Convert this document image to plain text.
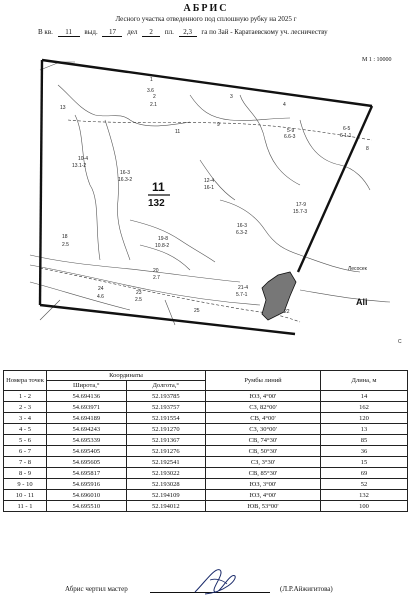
АБРИС
Лесного участка отведенного под сплошную рубку на 2025 г
В кв. 11 выд. 17 дел 2 пл. 2,3 га по Зай - Каратаевскому уч. лесничеству
М 1 : 10000
1
3.6
2
2.1
3
4
9
13
11	5-9
6.6-3
6-5
6 1-1
8
10-4
13.1-2
16-3
16.3-2	12-4
16-1
17-9
15.7-3
18
2.5
19-8
10.8-2
16-3
6.3-2
20
2.7
21-4
5.7-1
24
4.6
23
2.5
25	22
Лесосек
Ali
C
11
132
Номера точек	Координаты		Румбы линий	Длина, м
	Широта,°	Долгота,°		
1 - 2	54.694136	52.193785	ЮЗ, 4°00'	14
2 - 3	54.693971	52.193757	СЗ, 82°00'	162
3 - 4	54.694189	52.191554	СВ, 4°00'	120
4 - 5	54.694243	52.191270	СЗ, 30°00'	13
5 - 6	54.695339	52.191367	СВ, 74°30'	85
6 - 7	54.695405	52.191276	СВ, 50°30'	36
7 - 8	54.695605	52.192541	СЗ, 3°30'	15
8 - 9	54.695817	52.193022	СВ, 85°30'	69
9 - 10	54.695916	52.193028	ЮЗ, 3°00'	52
10 - 11	54.696010	52.194109	ЮЗ, 4°00'	132
11 - 1	54.695510	52.194012	ЮВ, 53°00'	100
Абрис чертил мастер	(Л.Р.Айжигитова)
